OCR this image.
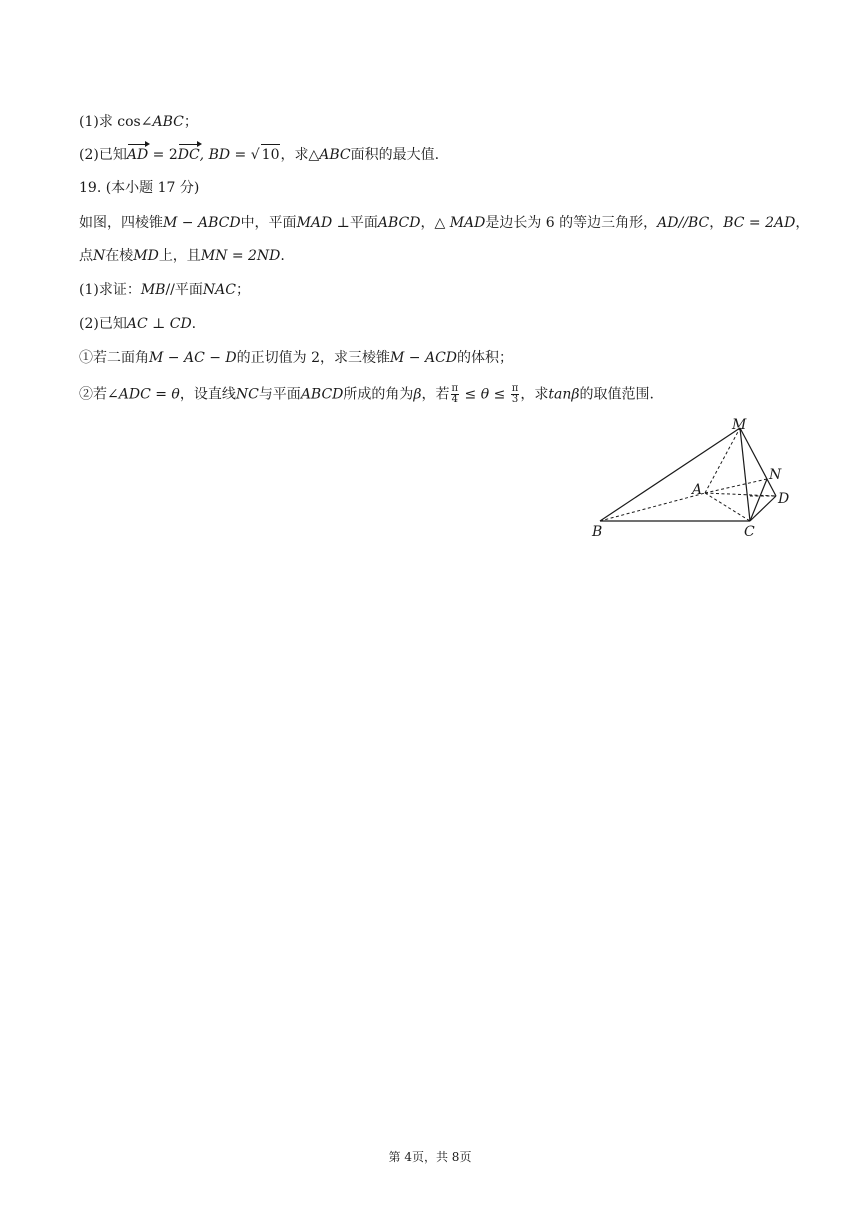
(1)求 cos∠ABC；
(2)已知AD = 2DC, BD = √ 10，求△ABC面积的最大值.
19. (本小题 17 分)
如图，四棱锥M − ABCD中，平面MAD ⊥平面ABCD，△ MAD是边长为 6 的等边三角形，AD//BC，BC = 2AD，
点N在棱MD上，且MN = 2ND.
(1)求证：MB//平面NAC；
(2)已知AC ⊥ CD.
①若二面角M − AC − D的正切值为 2，求三棱锥M − ACD的体积；
②若∠ADC = θ，设直线NC与平面ABCD所成的角为β，若 $\frac{\pi}{4} \le \theta \le \frac{\pi}{3}$ ，求tanβ的取值范围.
M
N
A
D
B	C
第 4页，共 8页
